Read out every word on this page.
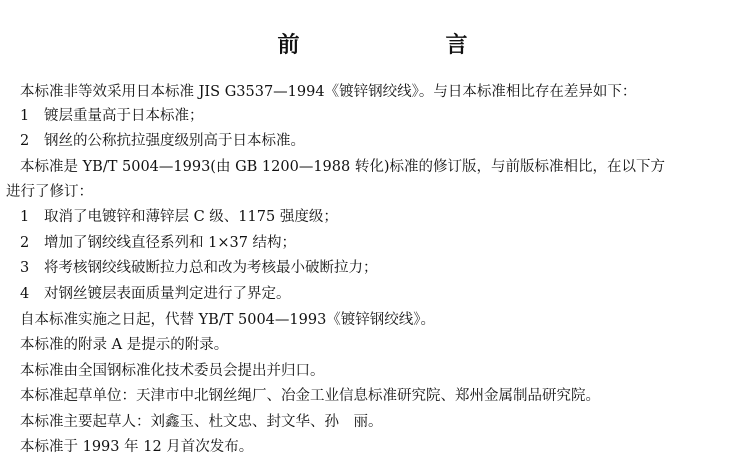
前　言
本标准非等效采用日本标准 JIS G3537—1994《镀锌钢绞线》。与日本标准相比存在差异如下：
1 镀层重量高于日本标准；
2 钢丝的公称抗拉强度级别高于日本标准。
本标准是 YB/T 5004—1993(由 GB 1200—1988 转化)标准的修订版，与前版标准相比，在以下方
进行了修订：
1 取消了电镀锌和薄锌层 C 级、1175 强度级；
2 增加了钢绞线直径系列和 1×37 结构；
3 将考核钢绞线破断拉力总和改为考核最小破断拉力；
4 对钢丝镀层表面质量判定进行了界定。
自本标准实施之日起，代替 YB/T 5004—1993《镀锌钢绞线》。
本标准的附录 A 是提示的附录。
本标准由全国钢标准化技术委员会提出并归口。
本标准起草单位：天津市中北钢丝绳厂、冶金工业信息标准研究院、郑州金属制品研究院。
本标准主要起草人：刘鑫玉、杜文忠、封文华、孙　丽。
本标准于 1993 年 12 月首次发布。
